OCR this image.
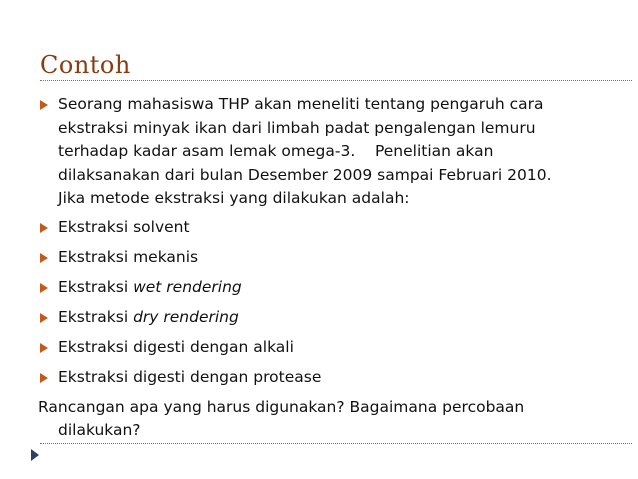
Contoh
Seorang mahasiswa THP akan meneliti tentang pengaruh cara
ekstraksi minyak ikan dari limbah padat pengalengan lemuru
terhadap kadar asam lemak omega-3.    Penelitian akan
dilaksanakan dari bulan Desember 2009 sampai Februari 2010.
Jika metode ekstraksi yang dilakukan adalah:
Ekstraksi solvent
Ekstraksi mekanis
Ekstraksi wet rendering
Ekstraksi dry rendering
Ekstraksi digesti dengan alkali
Ekstraksi digesti dengan protease
Rancangan apa yang harus digunakan? Bagaimana percobaan
dilakukan?
